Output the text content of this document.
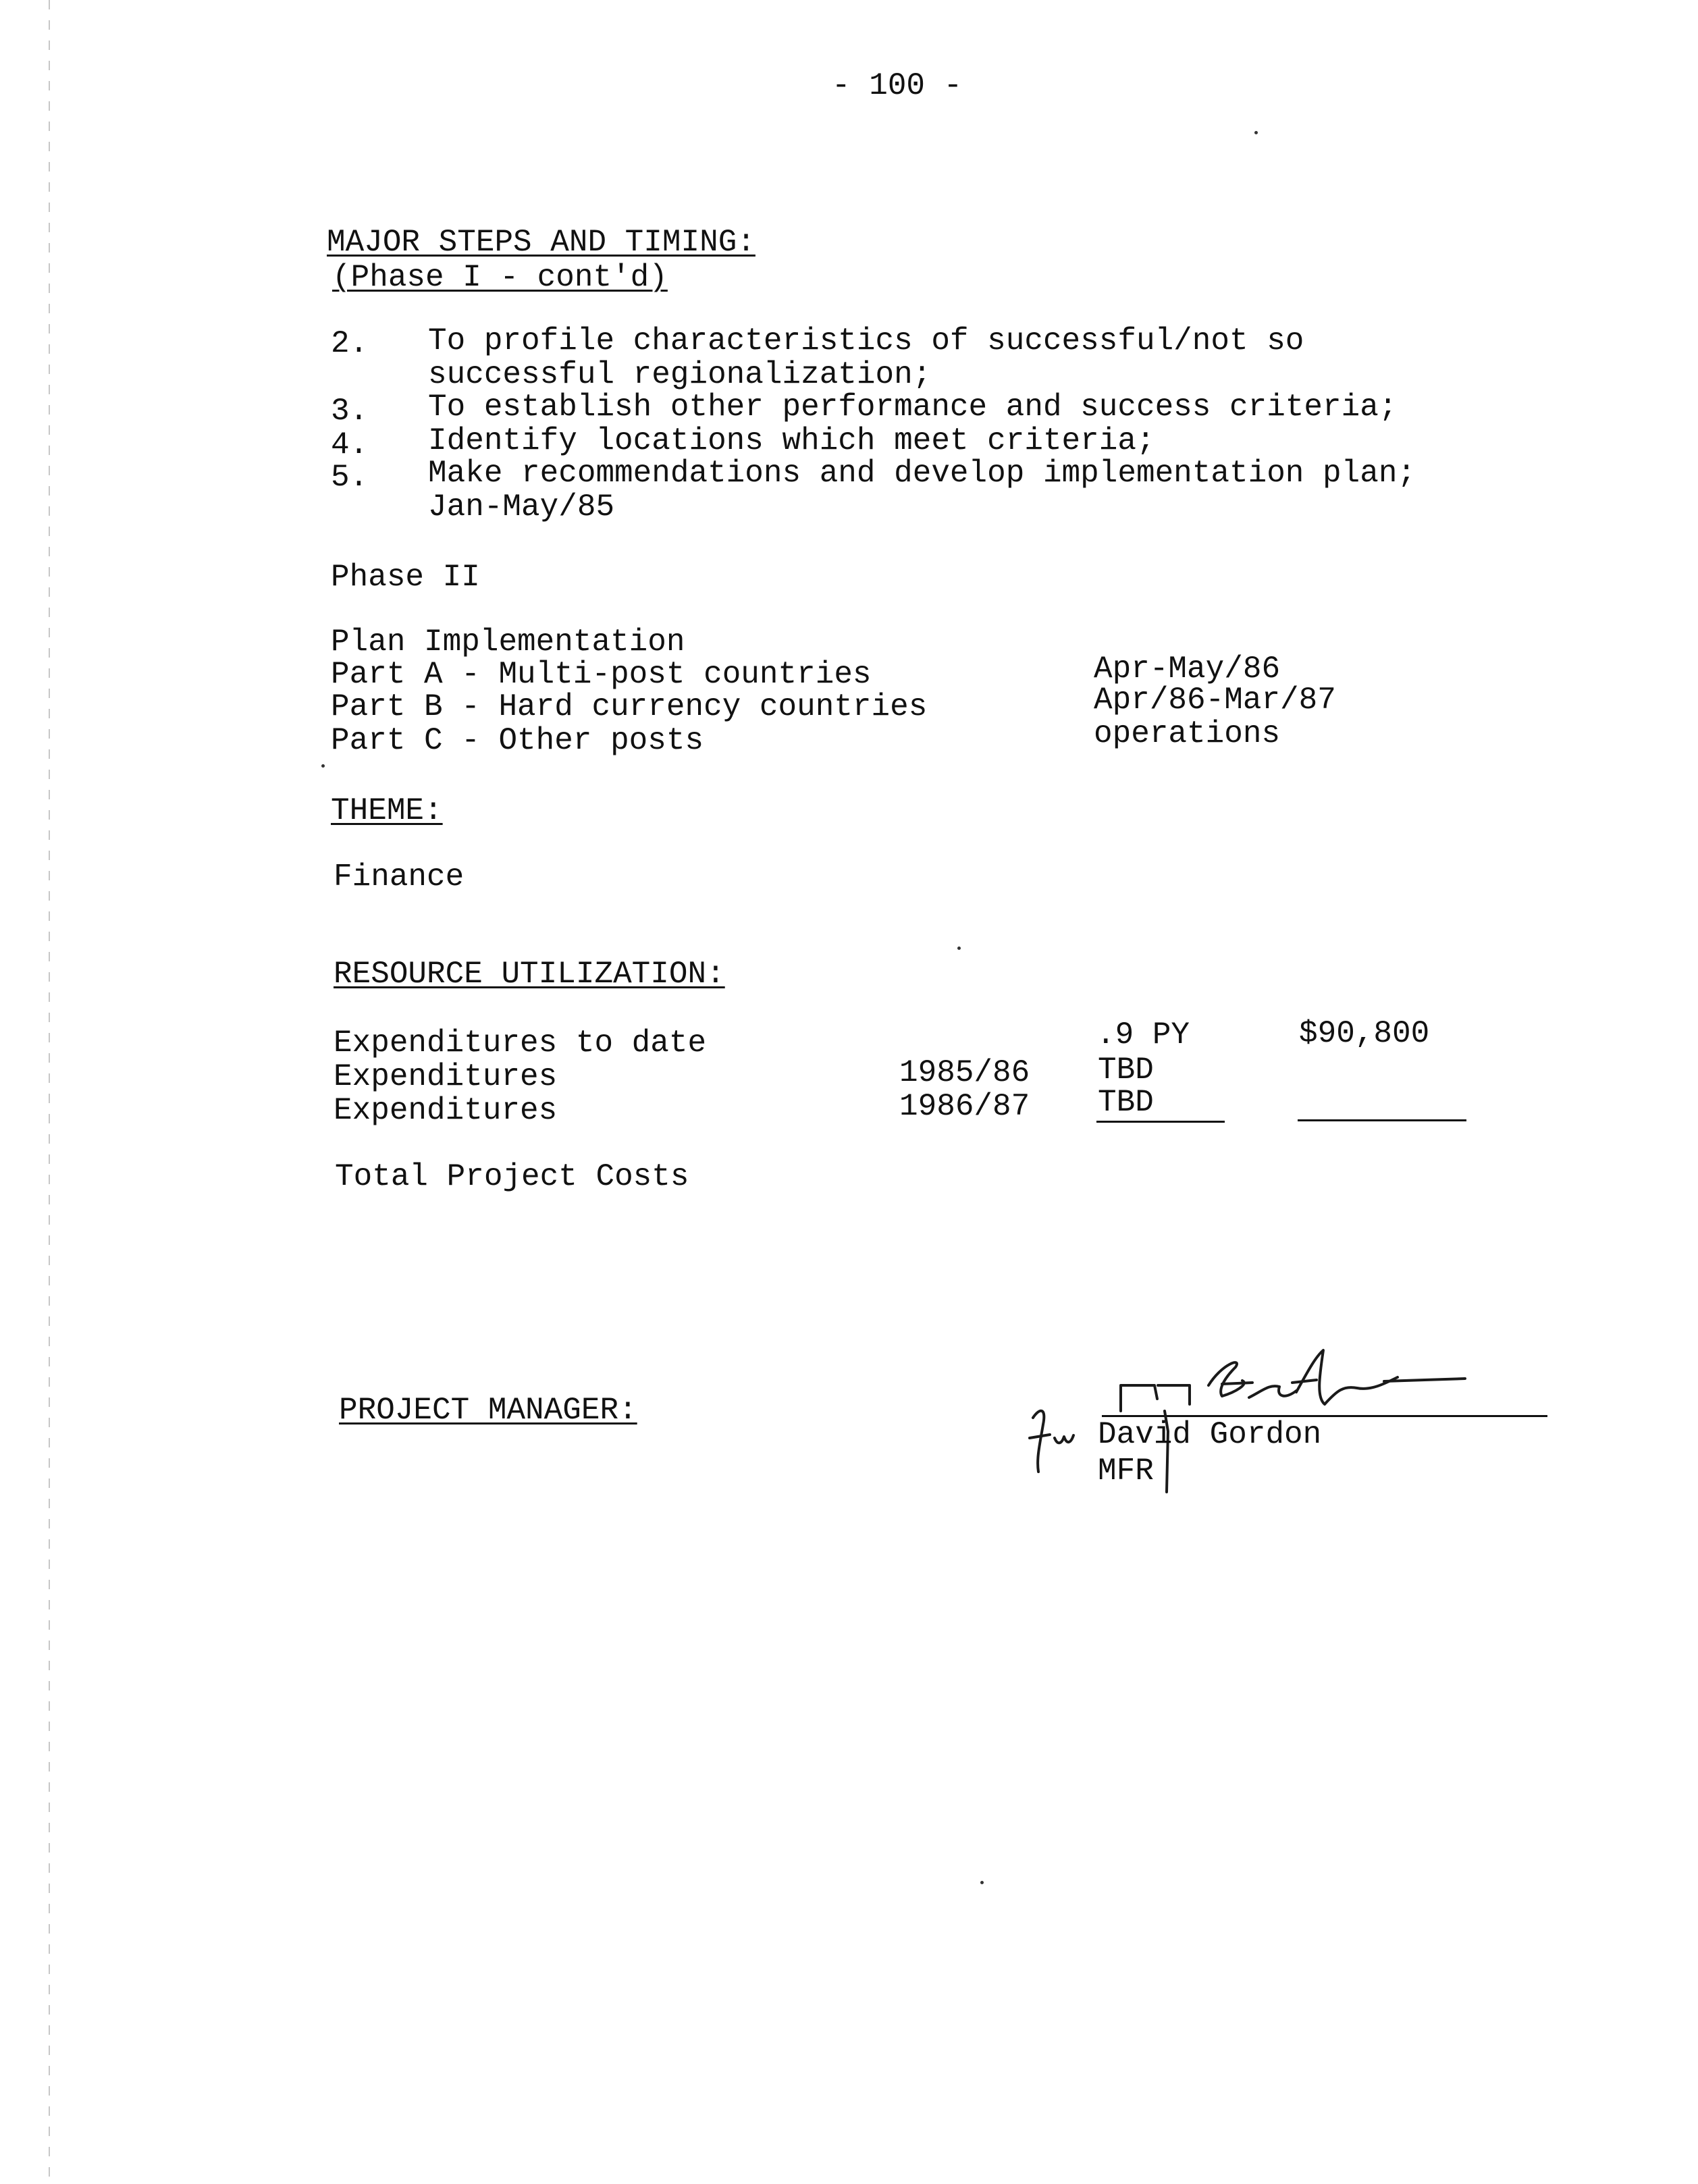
- 100 -
MAJOR STEPS AND TIMING:
(Phase I - cont'd)
2. To profile characteristics of successful/not so
successful regionalization;
3. To establish other performance and success criteria;
4. Identify locations which meet criteria;
5. Make recommendations and develop implementation plan;
Jan-May/85
Phase II
Plan Implementation
Part A - Multi-post countries	Apr-May/86
Part B - Hard currency countries	Apr/86-Mar/87
Part C - Other posts	operations
THEME:
Finance
RESOURCE UTILIZATION:
Expenditures to date	.9 PY	$90,800
Expenditures	1985/86 TBD
Expenditures	1986/87 TBD
Total Project Costs
PROJECT MANAGER:
David Gordon
MFR
